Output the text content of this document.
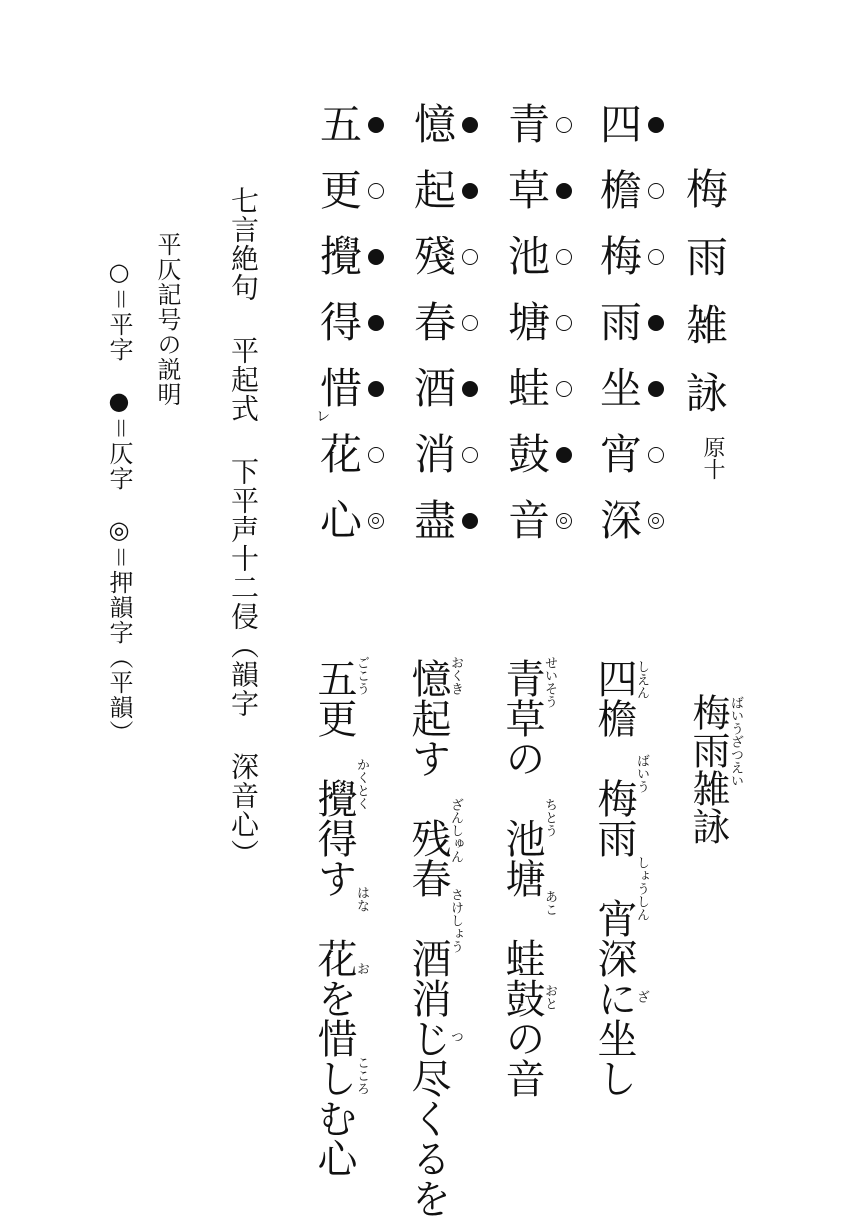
梅
雨
雑
詠
原十
四
檐
梅
雨
坐
宵
深
青
草
池
塘
蛙
鼓
音
憶
起
殘
春
酒
消
盡
五
更
攪
得
惜
花
心
レ
七言絶句 平起式 下平声十二侵（韻字 深音心）
平仄記号の説明
○＝平字　●＝仄字　◎＝押韻字（平韻）
梅雨雑詠
四檐　梅雨　宵深に坐し
青草の　池塘　蛙鼓の音
憶起す　残春　酒消じ尽くるを
五更　攪得す　花を惜しむ心	ばいうざつえい
しえん
ばいう
しょうしん
ざ
せいそう
ちとう
あこ
おと
おくき
ざんしゅん
さけしょう
つ
ごこう
かくとく
はな
お
こころ
